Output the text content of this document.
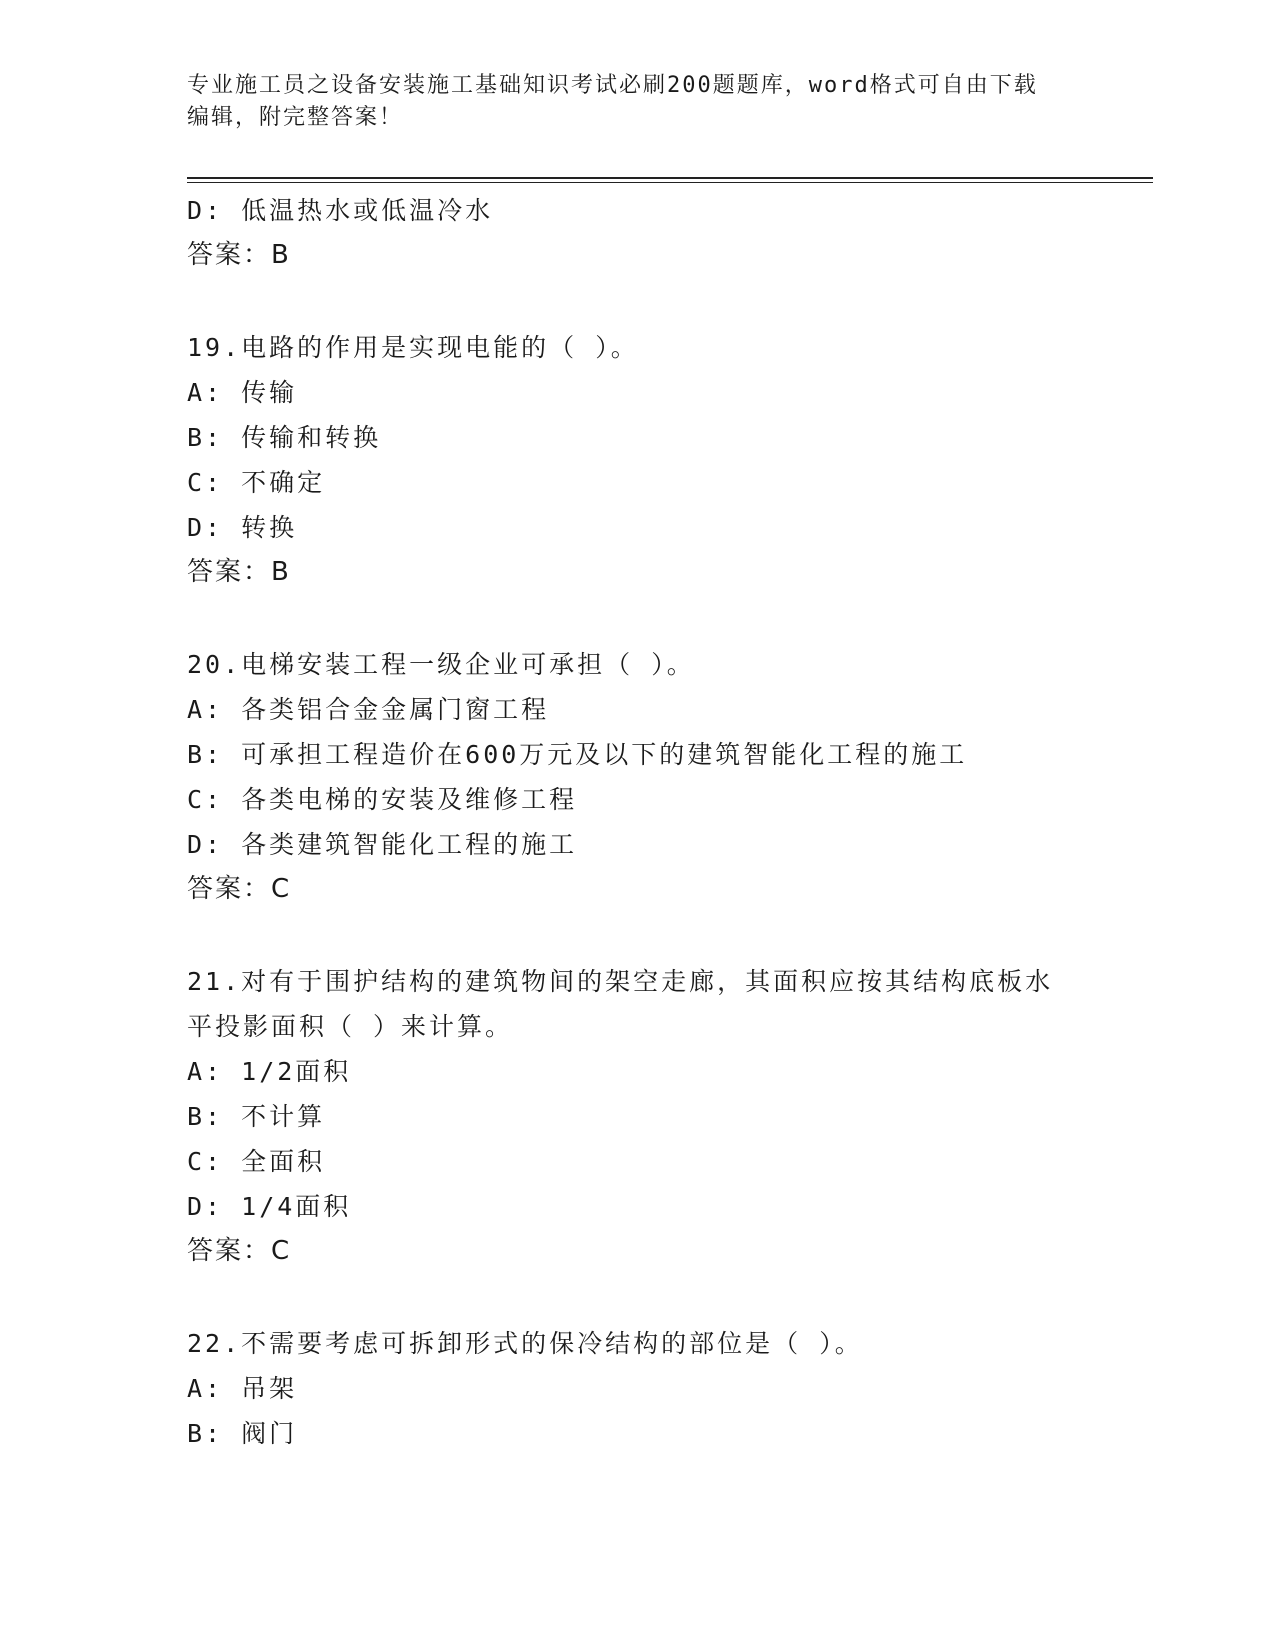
专业施工员之设备安装施工基础知识考试必刷200题题库，word格式可自由下载
编辑，附完整答案！
D: 低温热水或低温冷水
答案：B
19.电路的作用是实现电能的（ ）。
A: 传输
B: 传输和转换
C: 不确定
D: 转换
答案：B
20.电梯安装工程一级企业可承担（ ）。
A: 各类铝合金金属门窗工程
B: 可承担工程造价在600万元及以下的建筑智能化工程的施工
C: 各类电梯的安装及维修工程
D: 各类建筑智能化工程的施工
答案：C
21.对有于围护结构的建筑物间的架空走廊，其面积应按其结构底板水
平投影面积（ ）来计算。
A: 1/2面积
B: 不计算
C: 全面积
D: 1/4面积
答案：C
22.不需要考虑可拆卸形式的保冷结构的部位是（ ）。
A: 吊架
B: 阀门
